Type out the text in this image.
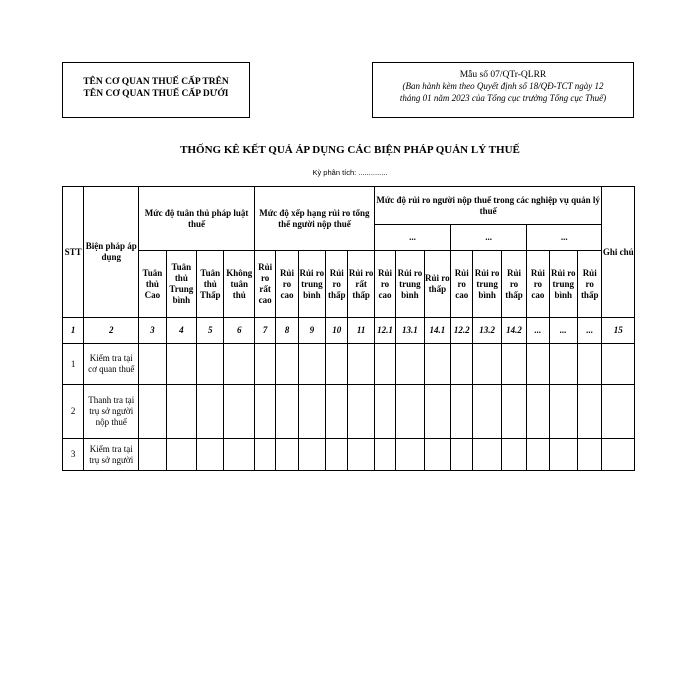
TÊN CƠ QUAN THUẾ CẤP TRÊN
TÊN CƠ QUAN THUẾ CẤP DƯỚI
Mẫu số 07/QTr-QLRR
(Ban hành kèm theo Quyết định số 18/QĐ-TCT ngày 12
tháng 01 năm 2023 của Tổng cục trưởng Tổng cục Thuế)
THỐNG KÊ KẾT QUẢ ÁP DỤNG CÁC BIỆN PHÁP QUẢN LÝ THUẾ
Kỳ phân tích: ..............
STT	Biện pháp áp dụng	Mức độ tuân thủ pháp luật thuế				Mức độ xếp hạng rủi ro tổng thể người nộp thuế					Mức độ rủi ro người nộp thuế trong các nghiệp vụ quản lý thuế									Ghi chú
											...			...			...			
		Tuân thủ Cao	Tuân thủ Trung bình	Tuân thủ Thấp	Không tuân thủ	Rủi ro rất cao	Rủi ro cao	Rủi ro trung bình	Rủi ro thấp	Rủi ro rất thấp	Rủi ro cao	Rủi ro trung bình	Rủi ro thấp	Rủi ro cao	Rủi ro trung bình	Rủi ro thấp	Rủi ro cao	Rủi ro trung bình	Rủi ro thấp	
1	2	3	4	5	6	7	8	9	10	11	12.1	13.1	14.1	12.2	13.2	14.2	...	...	...	15
1	Kiểm tra tại cơ quan thuế																			
2	Thanh tra tại trụ sở người nộp thuế																			
3	Kiểm tra tại trụ sở người																			
